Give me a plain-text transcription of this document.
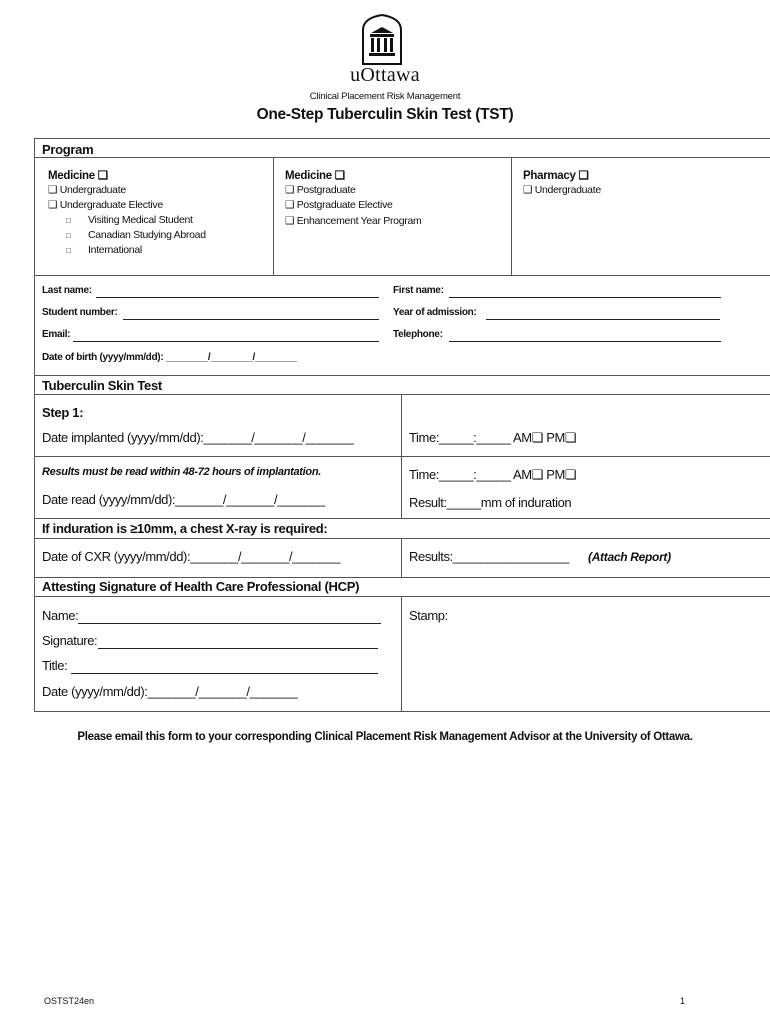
uOttawa
Clinical Placement Risk Management
One-Step Tuberculin Skin Test (TST)
Program
Medicine ❑
❑ Undergraduate
❑ Undergraduate Elective
□ Visiting Medical Student
□ Canadian Studying Abroad
□ International
Medicine ❑
❑ Postgraduate
❑ Postgraduate Elective
❑ Enhancement Year Program
Pharmacy ❑
❑ Undergraduate
Last name:	First name:
Student number:	Year of admission:
Email:	Telephone:
Date of birth (yyyy/mm/dd): ________/________/________
Tuberculin Skin Test
Step 1:
Date implanted (yyyy/mm/dd):_______/_______/_______	Time:_____:_____ AM❑ PM❑
Results must be read within 48-72 hours of implantation.	Time:_____:_____ AM❑ PM❑
Date read (yyyy/mm/dd):_______/_______/_______	Result:_____mm of induration
If induration is ≥10mm, a chest X-ray is required:
Date of CXR (yyyy/mm/dd):_______/_______/_______	Results:_________________ (Attach Report)
Attesting Signature of Health Care Professional (HCP)
Name:
Signature:
Title:
Date (yyyy/mm/dd):_______/_______/_______
Stamp:
Please email this form to your corresponding Clinical Placement Risk Management Advisor at the University of Ottawa.
OSTST24en	1
